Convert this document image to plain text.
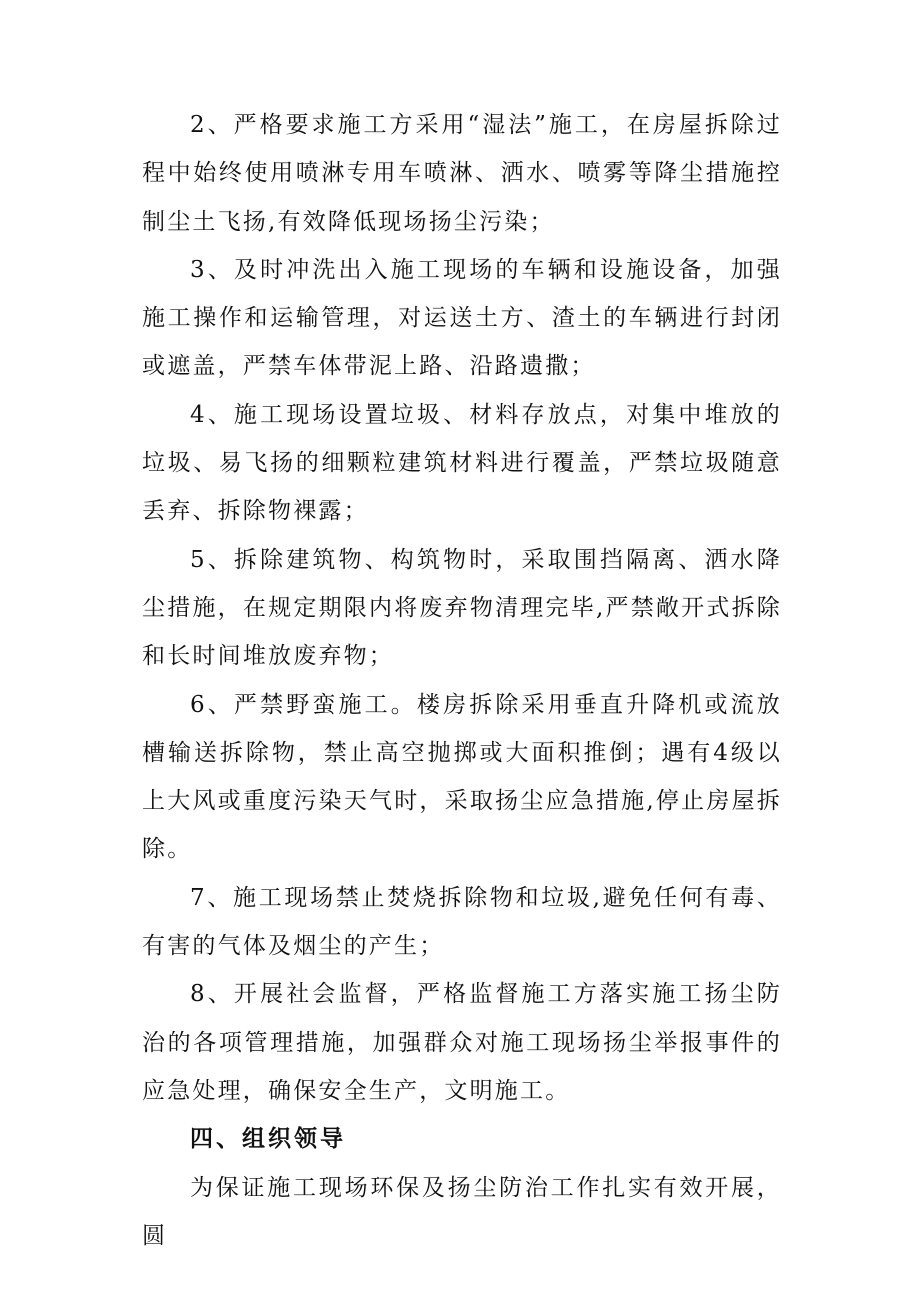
2、严格要求施工方采用“湿法”施工，在房屋拆除过程中始终使用喷淋专用车喷淋、洒水、喷雾等降尘措施控制尘土飞扬,有效降低现场扬尘污染；

3、及时冲洗出入施工现场的车辆和设施设备，加强施工操作和运输管理，对运送土方、渣土的车辆进行封闭或遮盖，严禁车体带泥上路、沿路遗撒；

4、施工现场设置垃圾、材料存放点，对集中堆放的垃圾、易飞扬的细颗粒建筑材料进行覆盖，严禁垃圾随意丢弃、拆除物裸露；

5、拆除建筑物、构筑物时，采取围挡隔离、洒水降尘措施，在规定期限内将废弃物清理完毕,严禁敞开式拆除和长时间堆放废弃物；

6、严禁野蛮施工。楼房拆除采用垂直升降机或流放槽输送拆除物，禁止高空抛掷或大面积推倒；遇有4级以上大风或重度污染天气时，采取扬尘应急措施,停止房屋拆除。

7、施工现场禁止焚烧拆除物和垃圾,避免任何有毒、有害的气体及烟尘的产生；

8、开展社会监督，严格监督施工方落实施工扬尘防治的各项管理措施，加强群众对施工现场扬尘举报事件的应急处理，确保安全生产，文明施工。

四、组织领导

为保证施工现场环保及扬尘防治工作扎实有效开展，圆
